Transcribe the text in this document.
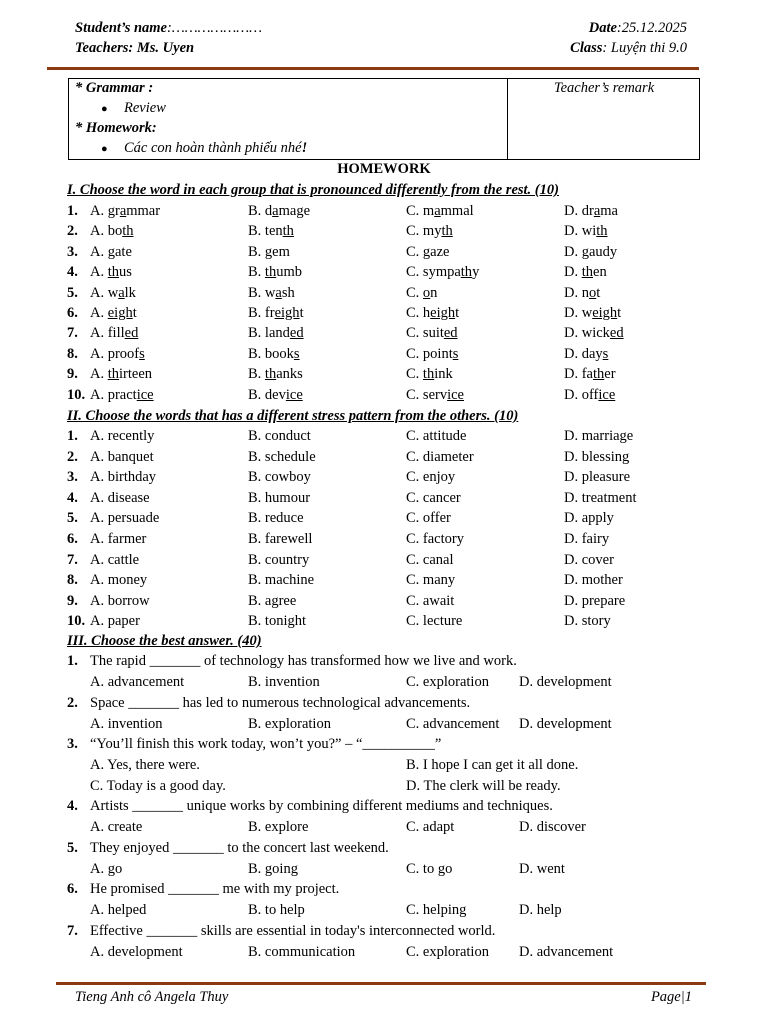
Student’s name:…………………
Teachers: Ms. Uyen
Date:25.12.2025
Class: Luyện thi 9.0
* Grammar :
● Review
* Homework:
● Các con hoàn thành phiếu nhé!
Teacher’s remark
HOMEWORK
I. Choose the word in each group that is pronounced differently from the rest. (10)
1. A. grammar	B. damage	C. mammal	D. drama
2. A. both	B. tenth	C. myth	D. with
3. A. gate	B. gem	C. gaze	D. gaudy
4. A. thus	B. thumb	C. sympathy	D. then
5. A. walk	B. wash	C. on	D. not
6. A. eight	B. freight	C. height	D. weight
7. A. filled	B. landed	C. suited	D. wicked
8. A. proofs	B. books	C. points	D. days
9. A. thirteen	B. thanks	C. think	D. father
10. A. practice	B. device	C. service	D. office
II. Choose the words that has a different stress pattern from the others. (10)
1. A. recently	B. conduct	C. attitude	D. marriage
2. A. banquet	B. schedule	C. diameter	D. blessing
3. A. birthday	B. cowboy	C. enjoy	D. pleasure
4. A. disease	B. humour	C. cancer	D. treatment
5. A. persuade	B. reduce	C. offer	D. apply
6. A. farmer	B. farewell	C. factory	D. fairy
7. A. cattle	B. country	C. canal	D. cover
8. A. money	B. machine	C. many	D. mother
9. A. borrow	B. agree	C. await	D. prepare
10. A. paper	B. tonight	C. lecture	D. story
III. Choose the best answer. (40)
1. The rapid _______ of technology has transformed how we live and work.
A. advancement	B. invention	C. exploration D. development
2. Space _______ has led to numerous technological advancements.
A. invention	B. exploration	C. advancement D. development
3. “You’ll finish this work today, won’t you?” – “__________”
A. Yes, there were.	B. I hope I can get it all done.
C. Today is a good day.	D. The clerk will be ready.
4. Artists _______ unique works by combining different mediums and techniques.
A. create	B. explore	C. adapt	D. discover
5. They enjoyed _______ to the concert last weekend.
A. go	B. going	C. to go	D. went
6. He promised _______ me with my project.
A. helped	B. to help	C. helping	D. help
7. Effective _______ skills are essential in today's interconnected world.
A. development	B. communication	C. exploration D. advancement
Tieng Anh cô Angela Thuy	Page|1
